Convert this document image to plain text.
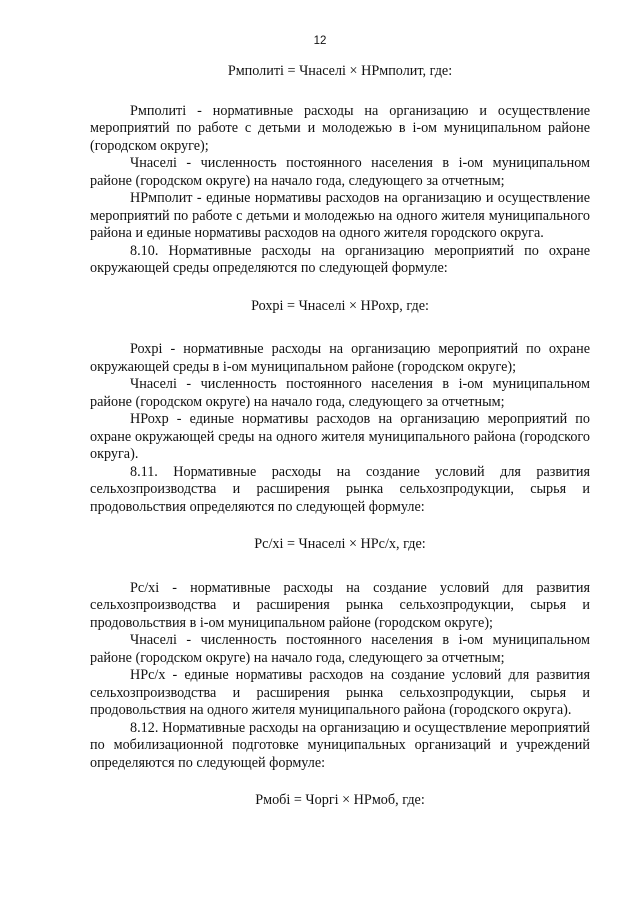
12
Рмполитi = Чнаселi × НРмполит, где:

Рмполитi - нормативные расходы на организацию и осуществление мероприятий по работе с детьми и молодежью в i-ом муниципальном районе (городском округе);

Чнаселi - численность постоянного населения в i-ом муниципальном районе (городском округе) на начало года, следующего за отчетным;

НРмполит - единые нормативы расходов на организацию и осуществление мероприятий по работе с детьми и молодежью на одного жителя муниципального района и единые нормативы расходов на одного жителя городского округа.

8.10. Нормативные расходы на организацию мероприятий по охране окружающей среды определяются по следующей формуле:

Рохрi = Чнаселi × НРохр, где:

Рохрi - нормативные расходы на организацию мероприятий по охране окружающей среды в i-ом муниципальном районе (городском округе);

Чнаселi - численность постоянного населения в i-ом муниципальном районе (городском округе) на начало года, следующего за отчетным;

НРохр - единые нормативы расходов на организацию мероприятий по охране окружающей среды на одного жителя муниципального района (городского округа).

8.11. Нормативные расходы на создание условий для развития сельхозпроизводства и расширения рынка сельхозпродукции, сырья и продовольствия определяются по следующей формуле:

Рс/хi = Чнаселi × НРс/х, где:

Рс/хi - нормативные расходы на создание условий для развития сельхозпроизводства и расширения рынка сельхозпродукции, сырья и продовольствия в i-ом муниципальном районе (городском округе);

Чнаселi - численность постоянного населения в i-ом муниципальном районе (городском округе) на начало года, следующего за отчетным;

НРс/х - единые нормативы расходов на создание условий для развития сельхозпроизводства и расширения рынка сельхозпродукции, сырья и продовольствия на одного жителя муниципального района (городского округа).

8.12. Нормативные расходы на организацию и осуществление мероприятий по мобилизационной подготовке муниципальных организаций и учреждений определяются по следующей формуле:

Рмобi = Чоргi × НРмоб, где:
